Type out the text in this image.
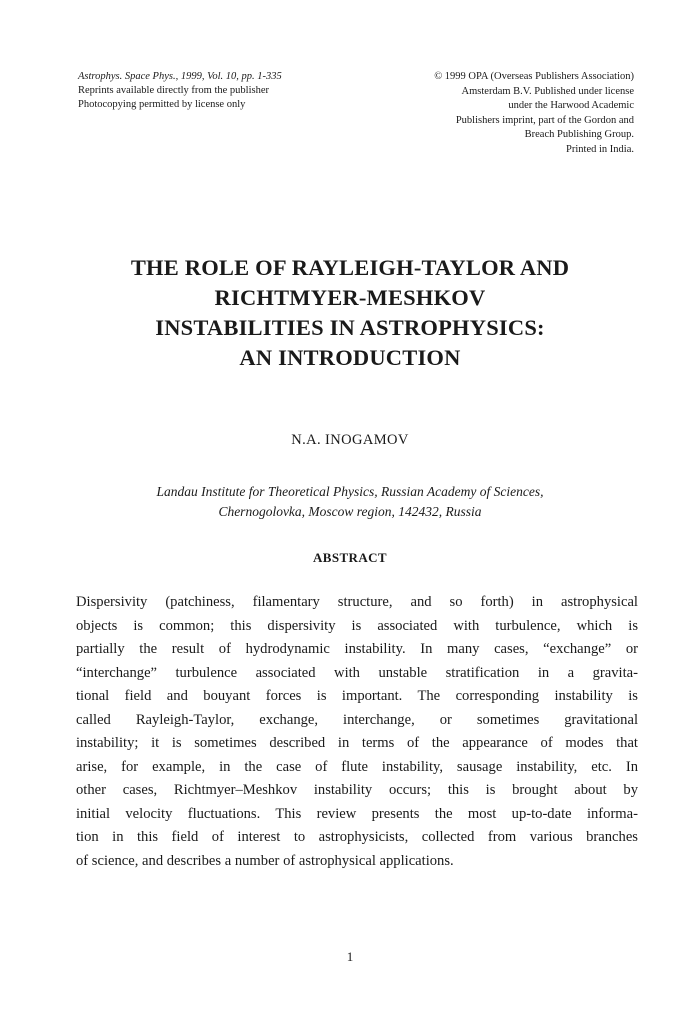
Astrophys. Space Phys., 1999, Vol. 10, pp. 1-335
Reprints available directly from the publisher
Photocopying permitted by license only
© 1999 OPA (Overseas Publishers Association)
Amsterdam B.V. Published under license
under the Harwood Academic
Publishers imprint, part of the Gordon and
Breach Publishing Group.
Printed in India.
THE ROLE OF RAYLEIGH-TAYLOR AND
RICHTMYER-MESHKOV
INSTABILITIES IN ASTROPHYSICS:
AN INTRODUCTION
N.A. INOGAMOV
Landau Institute for Theoretical Physics, Russian Academy of Sciences,
Chernogolovka, Moscow region, 142432, Russia
ABSTRACT
Dispersivity (patchiness, filamentary structure, and so forth) in astrophysical
objects is common; this dispersivity is associated with turbulence, which is
partially the result of hydrodynamic instability. In many cases, “exchange” or
“interchange” turbulence associated with unstable stratification in a gravita-
tional field and bouyant forces is important. The corresponding instability is
called Rayleigh-Taylor, exchange, interchange, or sometimes gravitational
instability; it is sometimes described in terms of the appearance of modes that
arise, for example, in the case of flute instability, sausage instability, etc. In
other cases, Richtmyer–Meshkov instability occurs; this is brought about by
initial velocity fluctuations. This review presents the most up-to-date informa-
tion in this field of interest to astrophysicists, collected from various branches
of science, and describes a number of astrophysical applications.
1
